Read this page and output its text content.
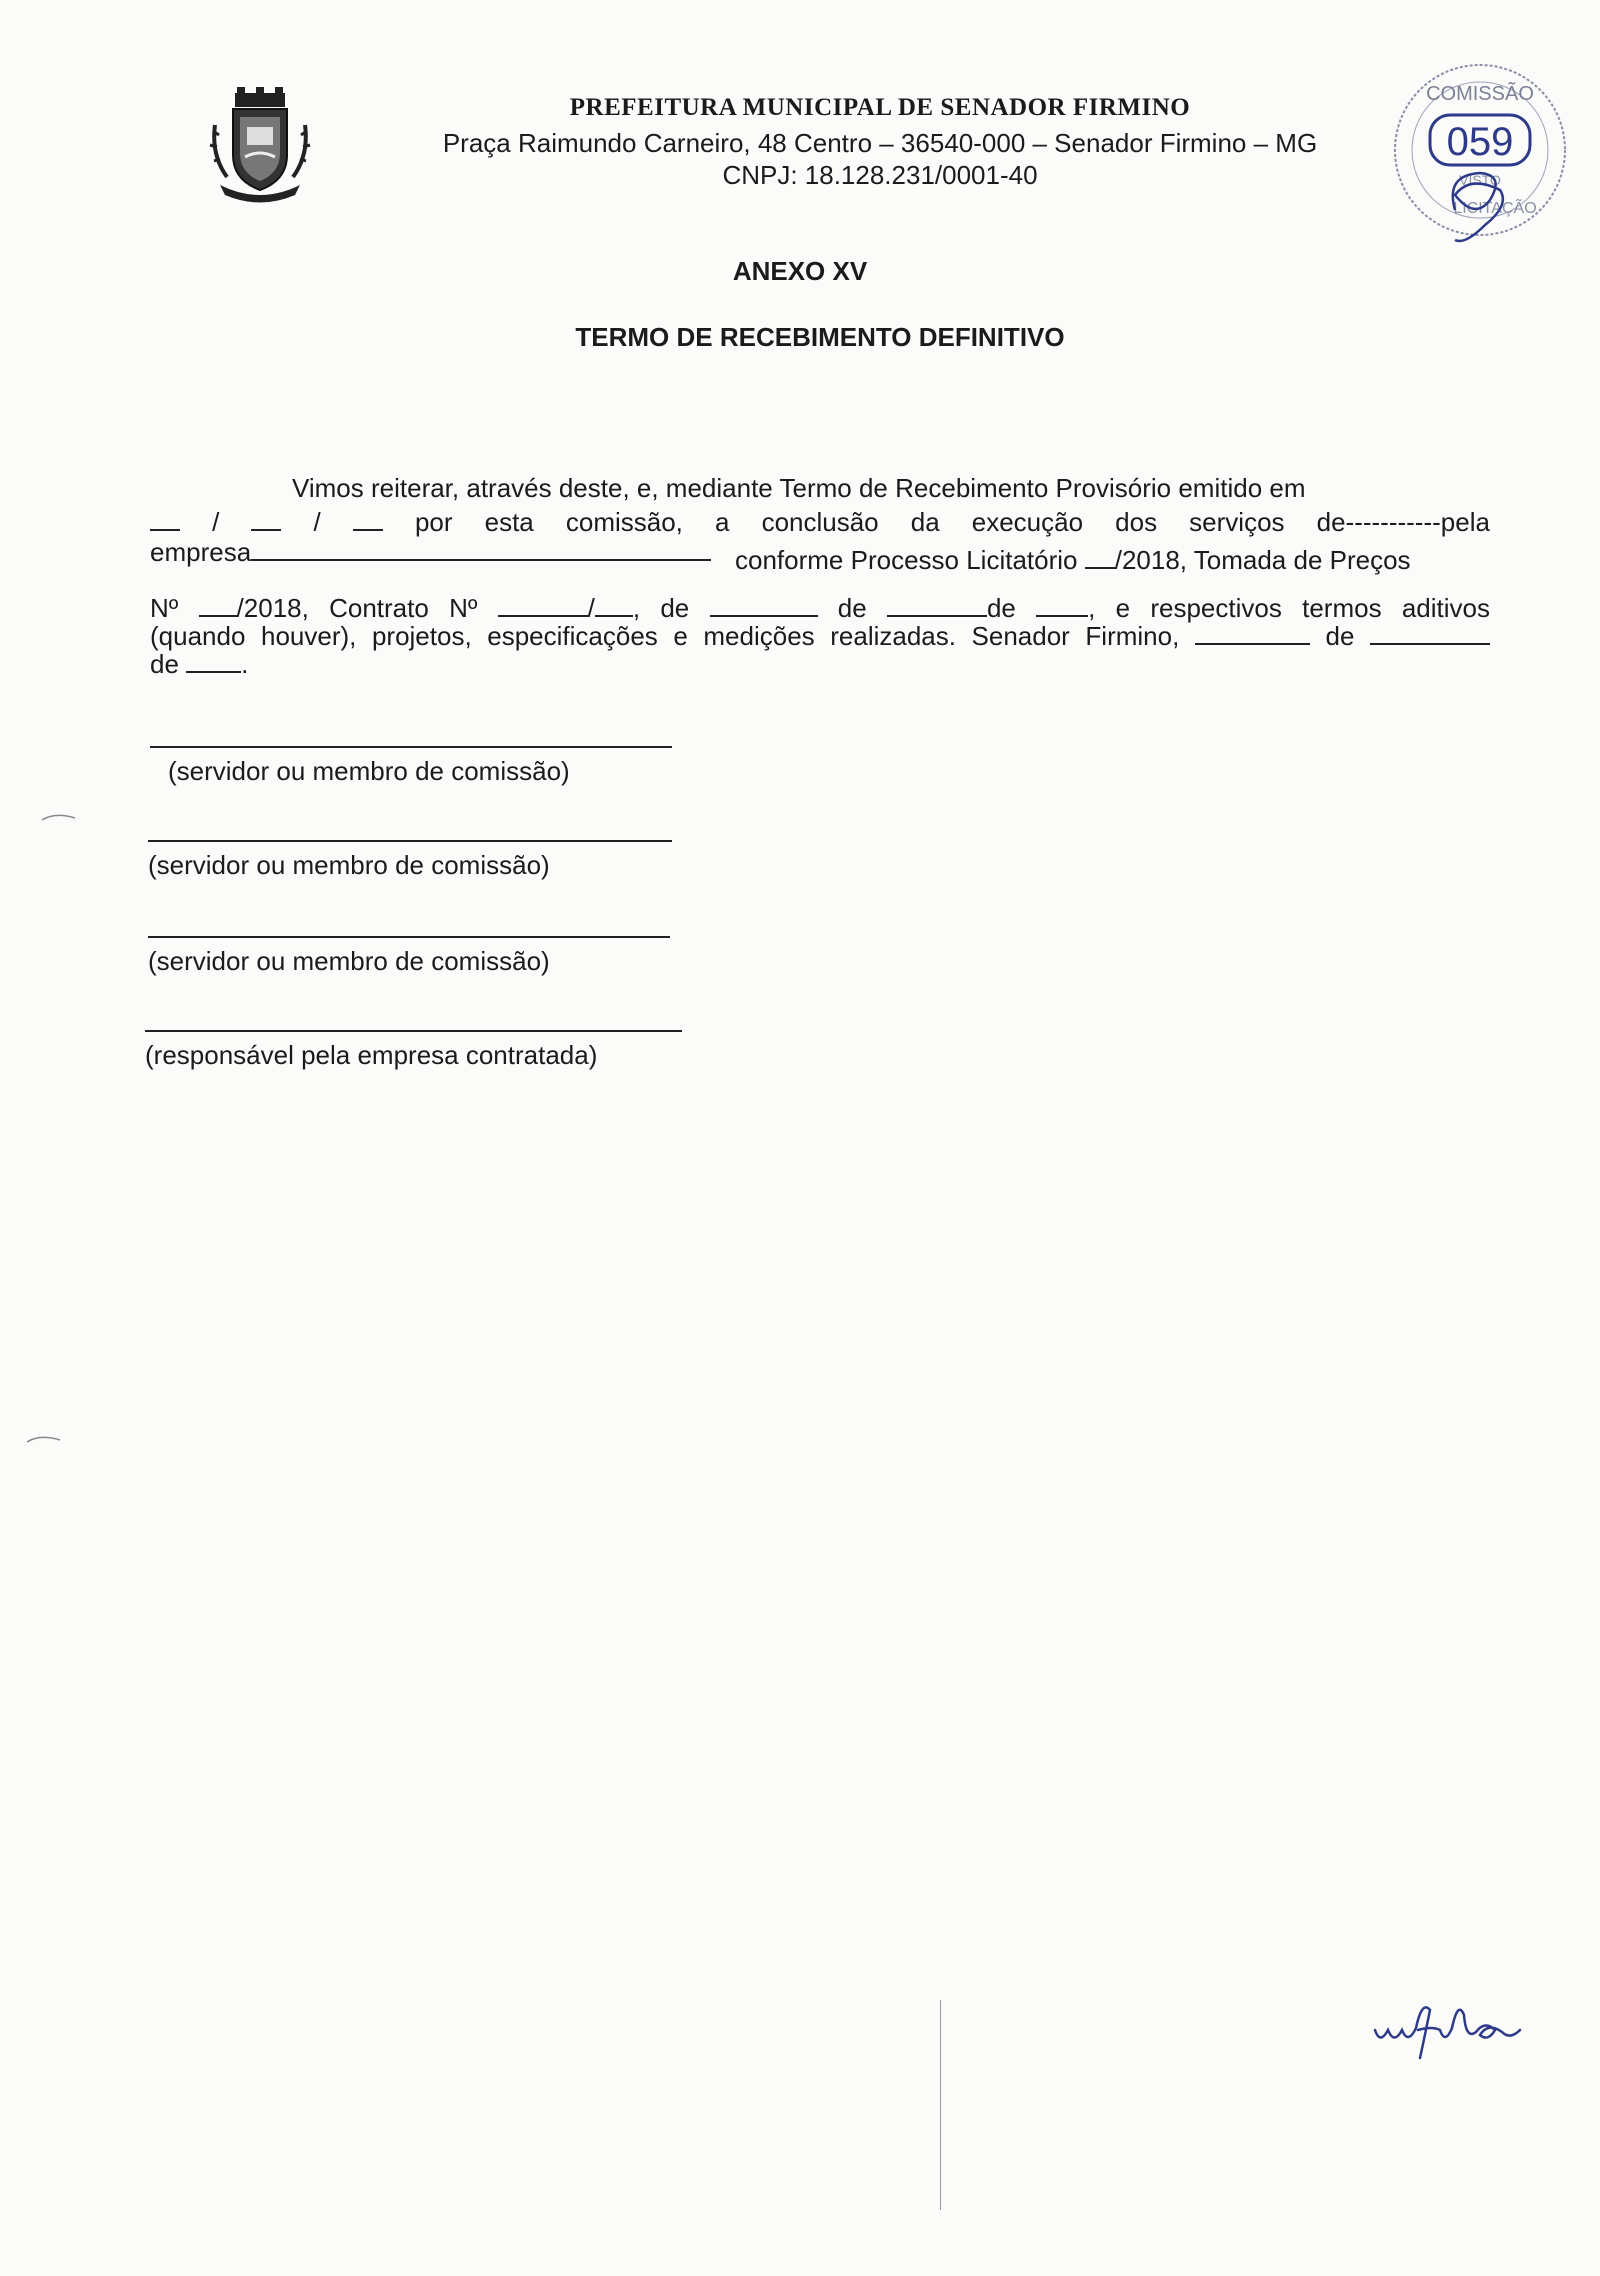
PREFEITURA MUNICIPAL DE SENADOR FIRMINO
Praça Raimundo Carneiro, 48 Centro – 36540-000 – Senador Firmino – MG
CNPJ: 18.128.231/0001-40
COMISSÃO
059
VISTO
LICITAÇÃO
ANEXO XV
TERMO DE RECEBIMENTO DEFINITIVO
Vimos reiterar, através deste, e, mediante Termo de Recebimento Provisório emitido em
/	/	por esta comissão, a conclusão da execução dos serviços de-----------pela
empresa	conforme Processo Licitatório /2018, Tomada de Preços
Nº /2018, Contrato Nº	/ , de	de	de	, e respectivos termos aditivos
(quando houver), projetos, especificações e medições realizadas. Senador Firmino,	de
de .
(servidor ou membro de comissão)
(servidor ou membro de comissão)
(servidor ou membro de comissão)
(responsável pela empresa contratada)
